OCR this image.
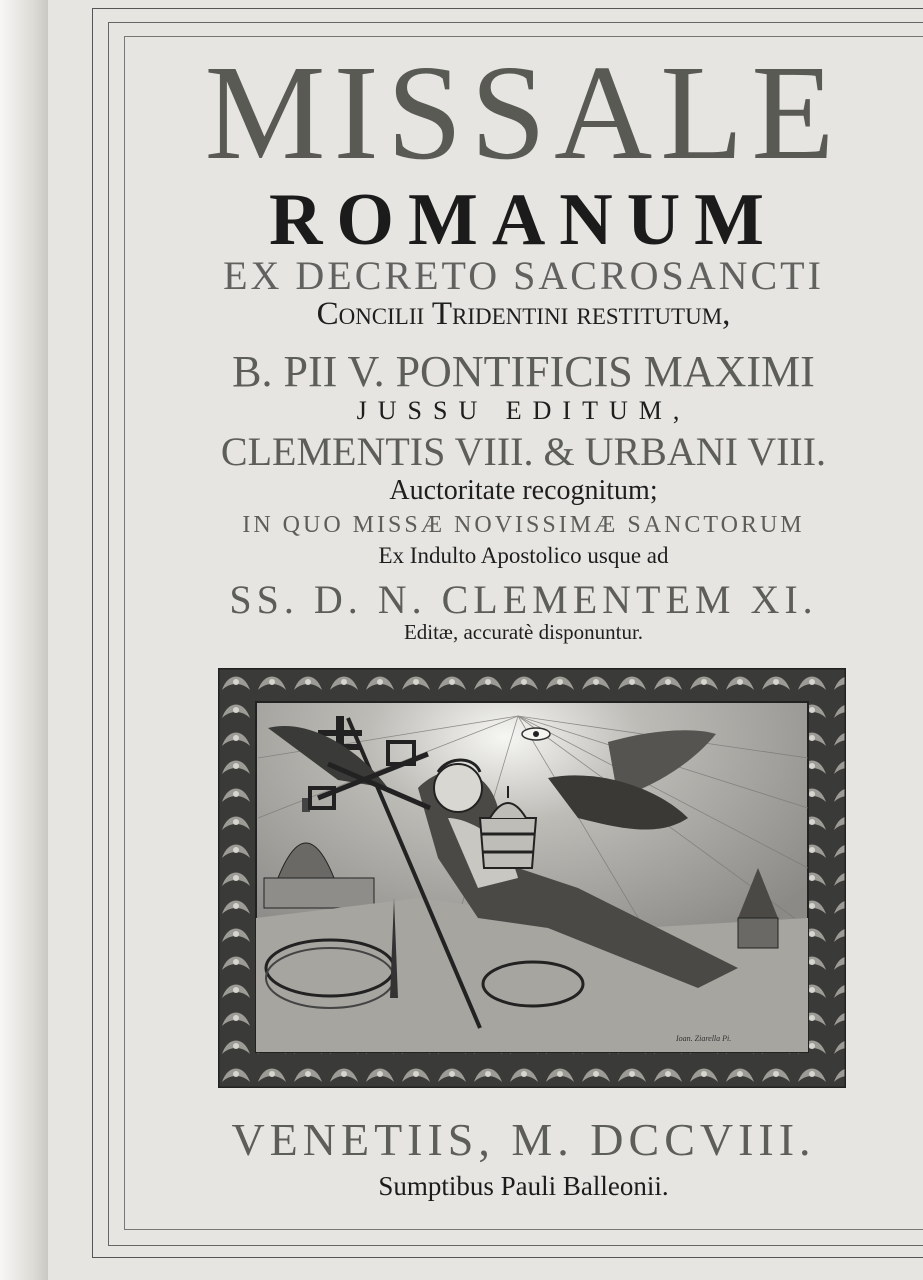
MISSALE
ROMANUM
EX DECRETO SACROSANCTI
Concilii Tridentini restitutum,
B. PII V. PONTIFICIS MAXIMI
JUSSU EDITUM,
CLEMENTIS VIII. & URBANI VIII.
Auctoritate recognitum;
IN QUO MISSÆ NOVISSIMÆ SANCTORUM
Ex Indulto Apostolico usque ad
SS. D. N. CLEMENTEM XI.
Editæ, accuratè disponuntur.
Ioan. Ziarella Pi.
VENETIIS, M. DCCVIII.
Sumptibus Pauli Balleonii.
